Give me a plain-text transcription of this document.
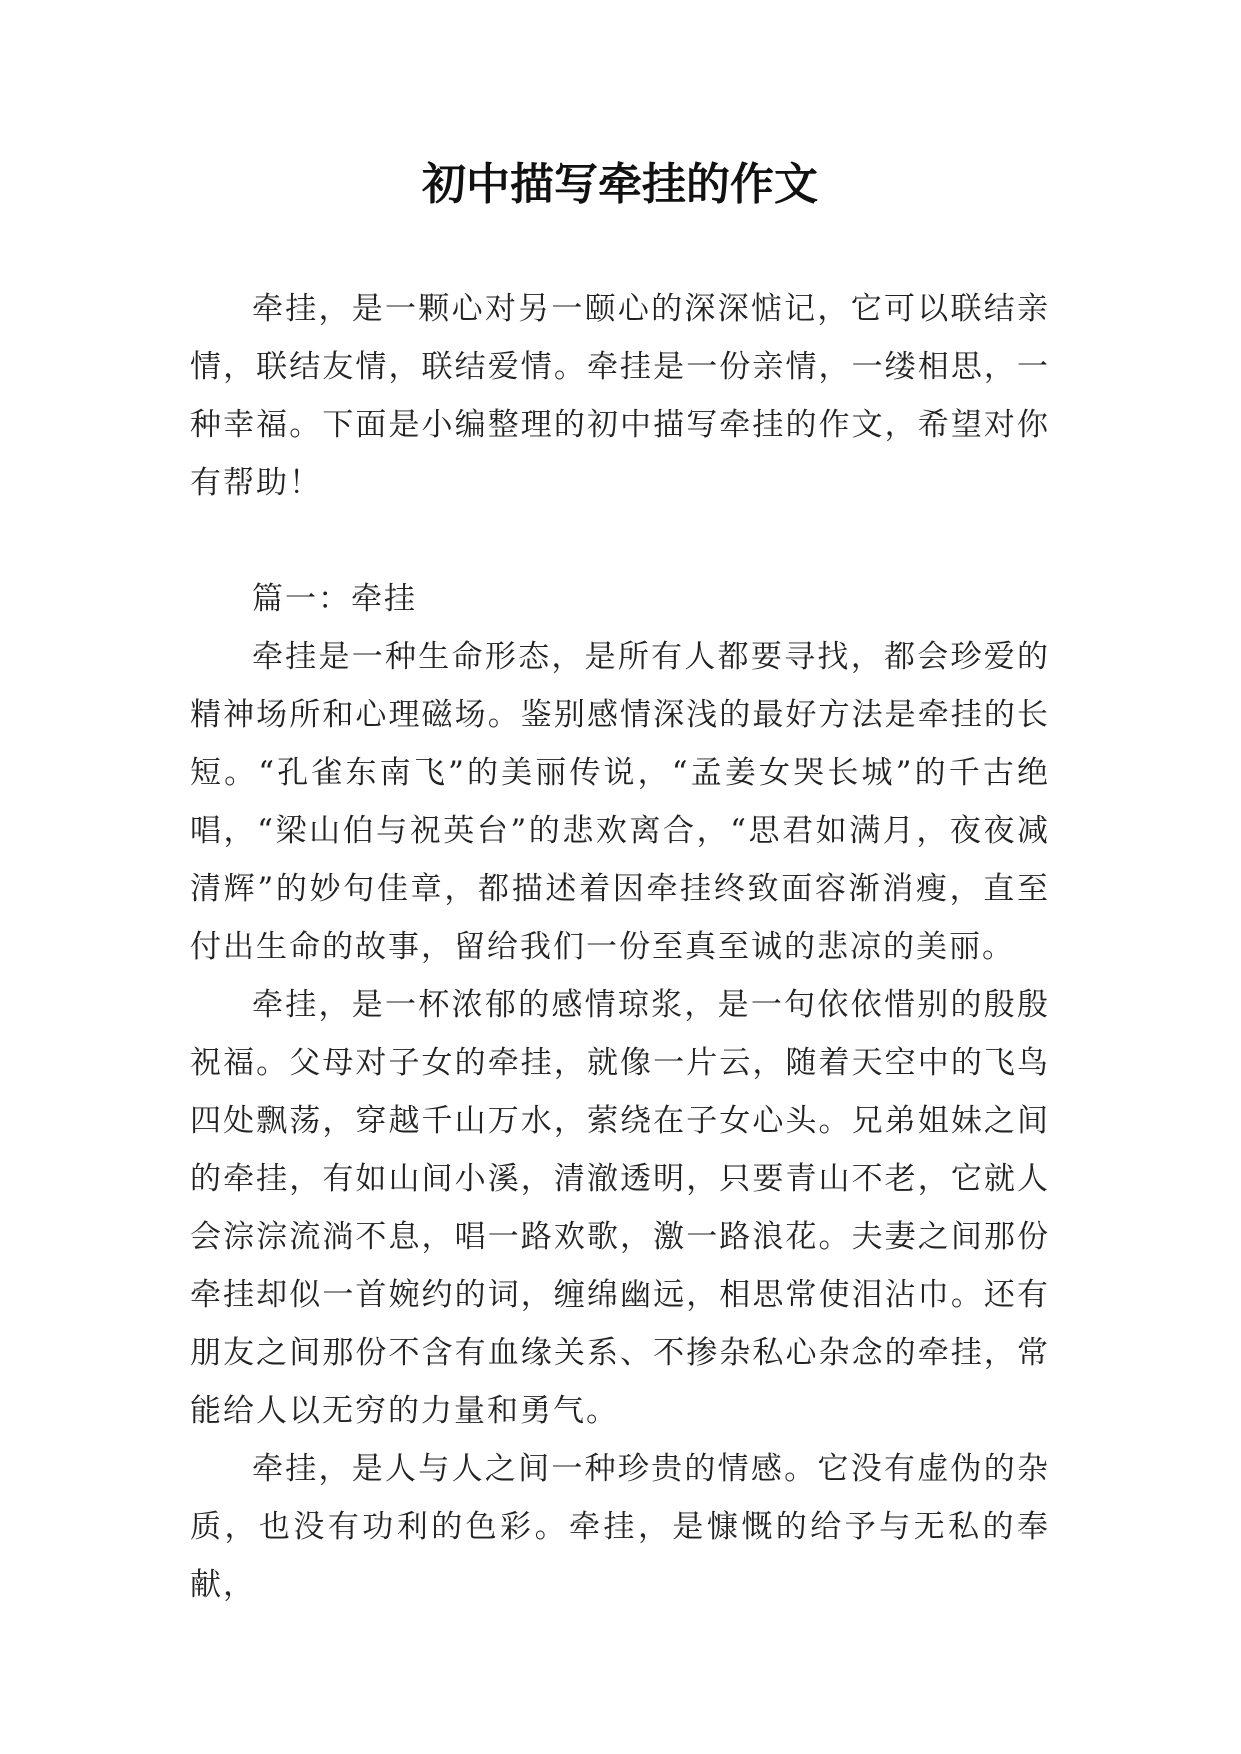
初中描写牵挂的作文

牵挂，是一颗心对另一颐心的深深惦记，它可以联结亲情，联结友情，联结爱情。牵挂是一份亲情，一缕相思，一种幸福。下面是小编整理的初中描写牵挂的作文，希望对你有帮助！

篇一：牵挂

牵挂是一种生命形态，是所有人都要寻找，都会珍爱的精神场所和心理磁场。鉴别感情深浅的最好方法是牵挂的长短。“孔雀东南飞”的美丽传说，“孟姜女哭长城”的千古绝唱，“梁山伯与祝英台”的悲欢离合，“思君如满月，夜夜减清辉”的妙句佳章，都描述着因牵挂终致面容渐消瘦，直至付出生命的故事，留给我们一份至真至诚的悲凉的美丽。

牵挂，是一杯浓郁的感情琼浆，是一句依依惜别的殷殷祝福。父母对子女的牵挂，就像一片云，随着天空中的飞鸟四处飘荡，穿越千山万水，萦绕在子女心头。兄弟姐妹之间的牵挂，有如山间小溪，清澈透明，只要青山不老，它就人会淙淙流淌不息，唱一路欢歌，激一路浪花。夫妻之间那份牵挂却似一首婉约的词，缠绵幽远，相思常使泪沾巾。还有朋友之间那份不含有血缘关系、不掺杂私心杂念的牵挂，常能给人以无穷的力量和勇气。

牵挂，是人与人之间一种珍贵的情感。它没有虚伪的杂质，也没有功利的色彩。牵挂，是慷慨的给予与无私的奉献，
